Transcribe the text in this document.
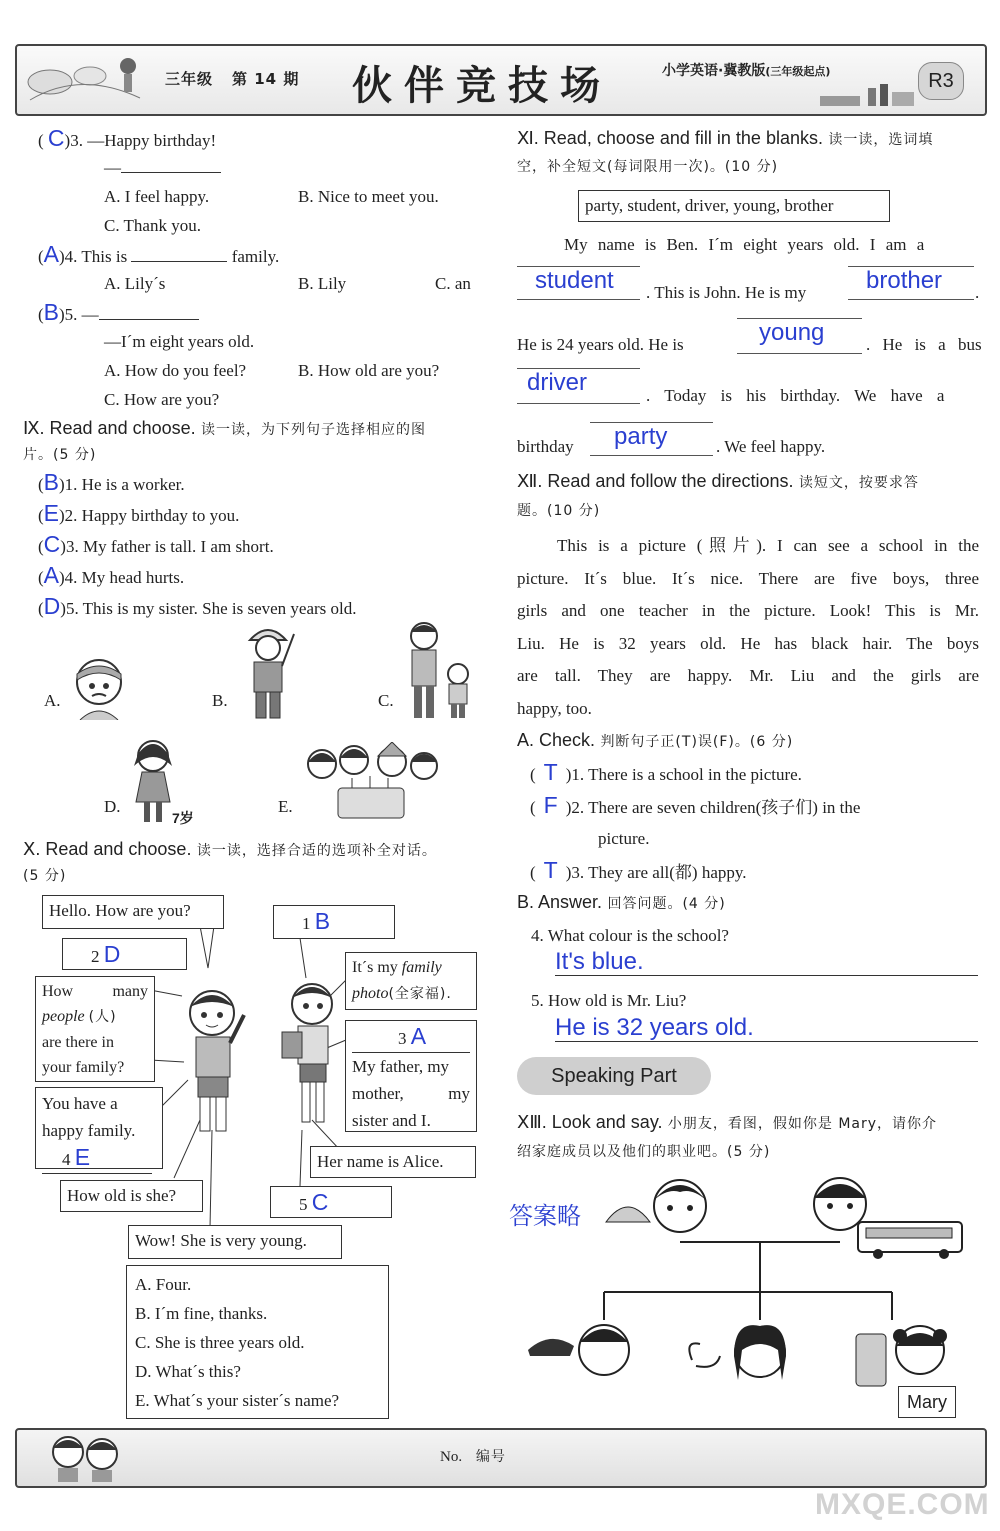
三年级 第 14 期 伙伴竞技场	小学英语·冀教版(三年级起点)	R3
( C)3. —Happy birthday!
—
A. I feel happy.	B. Nice to meet you.
C. Thank you.
(A)4. This is	family.
A. Lily´s	B. Lily	C. an
(B)5. —
—I´m eight years old.
A. How do you feel?	B. How old are you?
C. How are you?
Ⅸ. Read and choose. 读一读，为下列句子选择相应的图
片。(5 分)
(B)1. He is a worker.
(E)2. Happy birthday to you.
(C)3. My father is tall. I am short.
(A)4. My head hurts.
(D)5. This is my sister. She is seven years old.
A.	B.	C.
D.
7岁
E.
Ⅹ. Read and choose. 读一读，选择合适的选项补全对话。
(5 分)
Hello. How are you?
2 D
How many
people (人)
are there in
your family?
You have a
happy family.
4 E
How old is she?
Wow! She is very young.
1 B
It´s my family
photo(全家福).
3 A
My father, my
mother, my
sister and I.
Her name is Alice.
5 C
A. Four.
B. I´m fine, thanks.
C. She is three years old.
D. What´s this?
E. What´s your sister´s name?
Ⅺ. Read, choose and fill in the blanks. 读一读，选词填
空，补全短文(每词限用一次)。(10 分)
party, student, driver, young, brother
My name is Ben. I´m eight years old. I am a
student	. This is John. He is my	brother	.
He is 24 years old. He is	young	. He is a bus
driver	. Today is his birthday. We have a
birthday	party	. We feel happy.
Ⅻ. Read and follow the directions. 读短文，按要求答
题。(10 分)
This is a picture (照片). I can see a school in the
picture. It´s blue. It´s nice. There are five boys, three
girls and one teacher in the picture. Look! This is Mr.
Liu. He is 32 years old. He has black hair. The boys
are tall. They are happy. Mr. Liu and the girls are
happy, too.
A. Check. 判断句子正(T)误(F)。(6 分)
( T )1. There is a school in the picture.
( F )2. There are seven children(孩子们) in the
picture.
( T )3. They are all(都) happy.
B. Answer. 回答问题。(4 分)
4. What colour is the school?
It's blue.
5. How old is Mr. Liu?
He is 32 years old.
Speaking Part
ⅩⅢ. Look and say. 小朋友，看图，假如你是 Mary，请你介
绍家庭成员以及他们的职业吧。(5 分)
答案略
Mary
No. 编号
MXQE.COM
